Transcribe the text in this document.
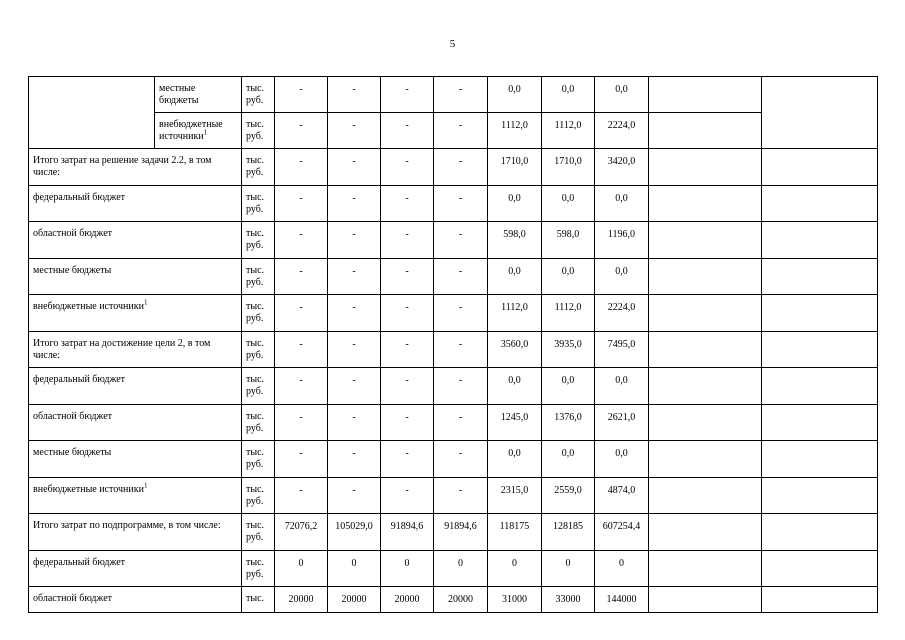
5

	местные бюджеты	тыс. руб.	-	-	-	-	0,0	0,0	0,0		

	внебюджетные источники$^1$	тыс. руб.	-	-	-	-	1112,0	1112,0	2224,0		

Итого затрат на решение задачи 2.2, в том числе:		тыс. руб.	-	-	-	-	1710,0	1710,0	3420,0		

федеральный бюджет		тыс. руб.	-	-	-	-	0,0	0,0	0,0		

областной бюджет		тыс. руб.	-	-	-	-	598,0	598,0	1196,0		

местные бюджеты		тыс. руб.	-	-	-	-	0,0	0,0	0,0		

внебюджетные источники$^1$		тыс. руб.	-	-	-	-	1112,0	1112,0	2224,0		

Итого затрат на достижение цели 2, в том числе:		тыс. руб.	-	-	-	-	3560,0	3935,0	7495,0		

федеральный бюджет		тыс. руб.	-	-	-	-	0,0	0,0	0,0		

областной бюджет		тыс. руб.	-	-	-	-	1245,0	1376,0	2621,0		

местные бюджеты		тыс. руб.	-	-	-	-	0,0	0,0	0,0		

внебюджетные источники$^1$		тыс. руб.	-	-	-	-	2315,0	2559,0	4874,0		

Итого затрат по подпрограмме, в том числе:		тыс. руб.	72076,2	105029,0	91894,6	91894,6	118175	128185	607254,4		

федеральный бюджет		тыс. руб.	0	0	0	0	0	0	0		

областной бюджет		тыс.	20000	20000	20000	20000	31000	33000	144000		
